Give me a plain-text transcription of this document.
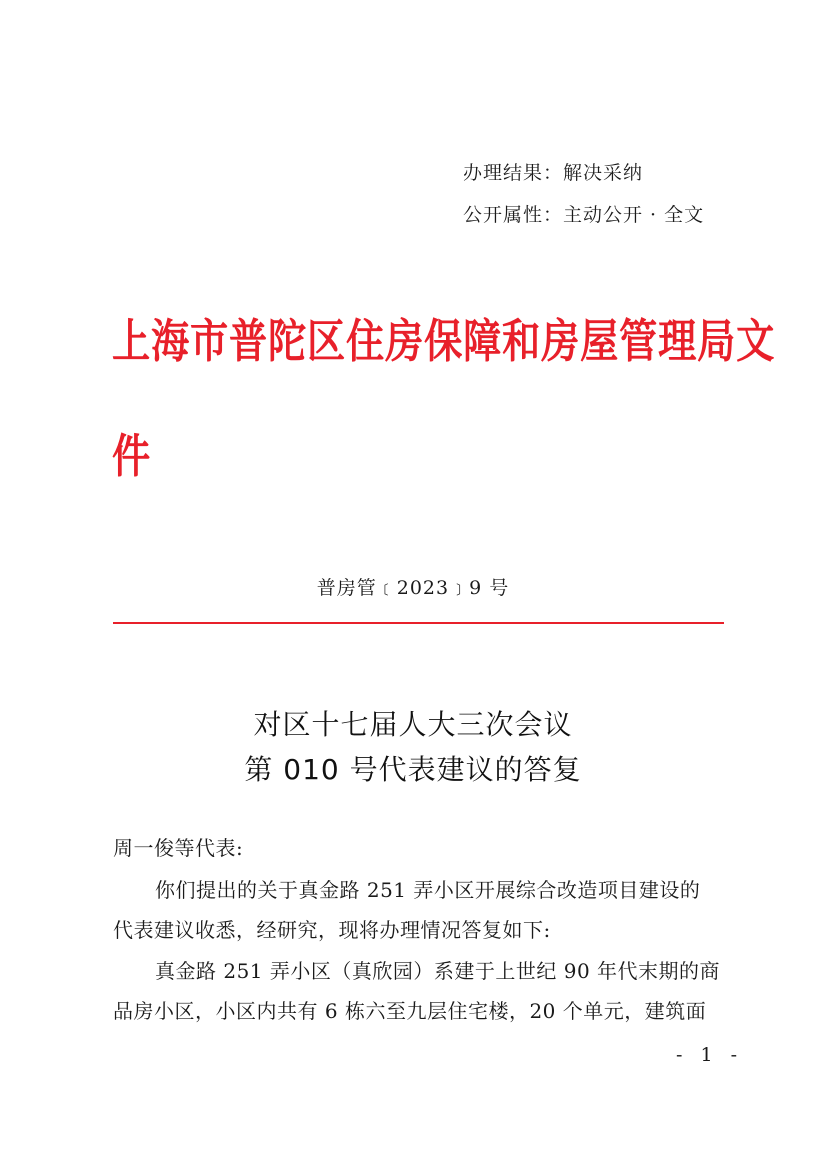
办理结果：解决采纳
公开属性：主动公开 · 全文
上海市普陀区住房保障和房屋管理局文
件
普房管﹝2023﹞9 号
对区十七届人大三次会议
第 010 号代表建议的答复
周一俊等代表:
你们提出的关于真金路 251 弄小区开展综合改造项目建设的
代表建议收悉，经研究，现将办理情况答复如下:
真金路 251 弄小区（真欣园）系建于上世纪 90 年代末期的商
品房小区，小区内共有 6 栋六至九层住宅楼，20 个单元，建筑面
- 1 -
